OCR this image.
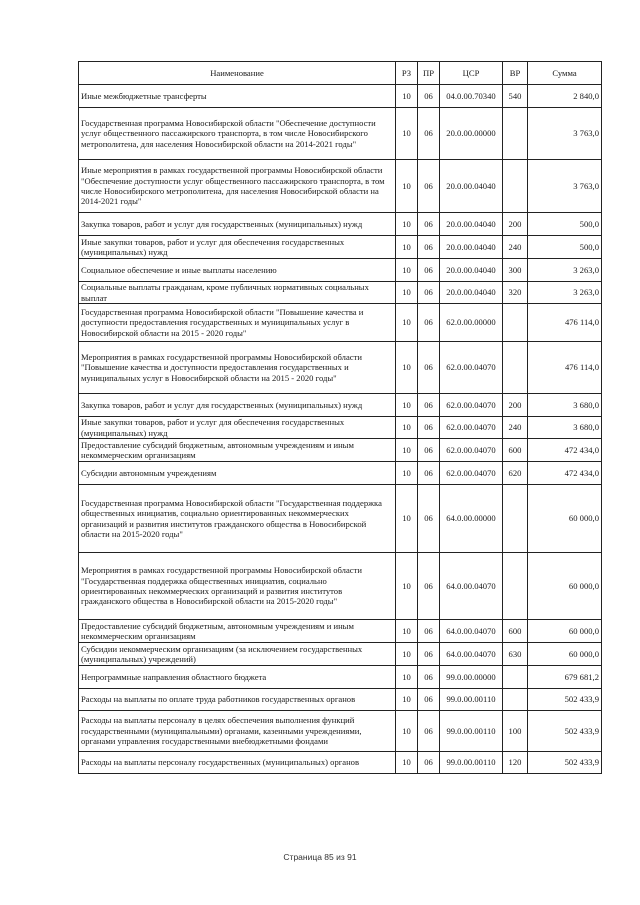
Наименование	РЗ	ПР	ЦСР	ВР	Сумма
Иные межбюджетные трансферты	10	06	04.0.00.70340	540	2 840,0
Государственная программа Новосибирской области "Обеспечение доступности услуг общественного пассажирского транспорта, в том числе Новосибирского метрополитена, для населения Новосибирской области на 2014-2021 годы"	10	06	20.0.00.00000		3 763,0
Иные мероприятия в рамках государственной программы Новосибирской области "Обеспечение доступности услуг общественного пассажирского транспорта, в том числе Новосибирского метрополитена, для населения Новосибирской области на 2014-2021 годы"	10	06	20.0.00.04040		3 763,0
Закупка товаров, работ и услуг для государственных (муниципальных) нужд	10	06	20.0.00.04040	200	500,0
Иные закупки товаров, работ и услуг для обеспечения государственных (муниципальных) нужд	10	06	20.0.00.04040	240	500,0
Социальное обеспечение и иные выплаты населению	10	06	20.0.00.04040	300	3 263,0
Социальные выплаты гражданам, кроме публичных нормативных социальных выплат	10	06	20.0.00.04040	320	3 263,0
Государственная программа Новосибирской области "Повышение качества и доступности предоставления государственных и муниципальных услуг в Новосибирской области на 2015 - 2020 годы"	10	06	62.0.00.00000		476 114,0
Мероприятия в рамках государственной программы Новосибирской области "Повышение качества и доступности предоставления государственных и муниципальных услуг в Новосибирской области на 2015 - 2020 годы"	10	06	62.0.00.04070		476 114,0
Закупка товаров, работ и услуг для государственных (муниципальных) нужд	10	06	62.0.00.04070	200	3 680,0
Иные закупки товаров, работ и услуг для обеспечения государственных (муниципальных) нужд	10	06	62.0.00.04070	240	3 680,0
Предоставление субсидий бюджетным, автономным учреждениям и иным некоммерческим организациям	10	06	62.0.00.04070	600	472 434,0
Субсидии автономным учреждениям	10	06	62.0.00.04070	620	472 434,0
Государственная программа Новосибирской области "Государственная поддержка общественных инициатив, социально ориентированных некоммерческих организаций и развития институтов гражданского общества в Новосибирской области на 2015-2020 годы"	10	06	64.0.00.00000		60 000,0
Мероприятия в рамках государственной программы Новосибирской области "Государственная поддержка общественных инициатив, социально ориентированных некоммерческих организаций и развития институтов гражданского общества в Новосибирской области на 2015-2020 годы"	10	06	64.0.00.04070		60 000,0
Предоставление субсидий бюджетным, автономным учреждениям и иным некоммерческим организациям	10	06	64.0.00.04070	600	60 000,0
Субсидии некоммерческим организациям (за исключением государственных (муниципальных) учреждений)	10	06	64.0.00.04070	630	60 000,0
Непрограммные направления областного бюджета	10	06	99.0.00.00000		679 681,2
Расходы на выплаты по оплате труда работников государственных органов	10	06	99.0.00.00110		502 433,9
Расходы на выплаты персоналу в целях обеспечения выполнения функций государственными (муниципальными) органами, казенными учреждениями, органами управления государственными внебюджетными фондами	10	06	99.0.00.00110	100	502 433,9
Расходы на выплаты персоналу государственных (муниципальных) органов	10	06	99.0.00.00110	120	502 433,9
Страница 85 из 91
